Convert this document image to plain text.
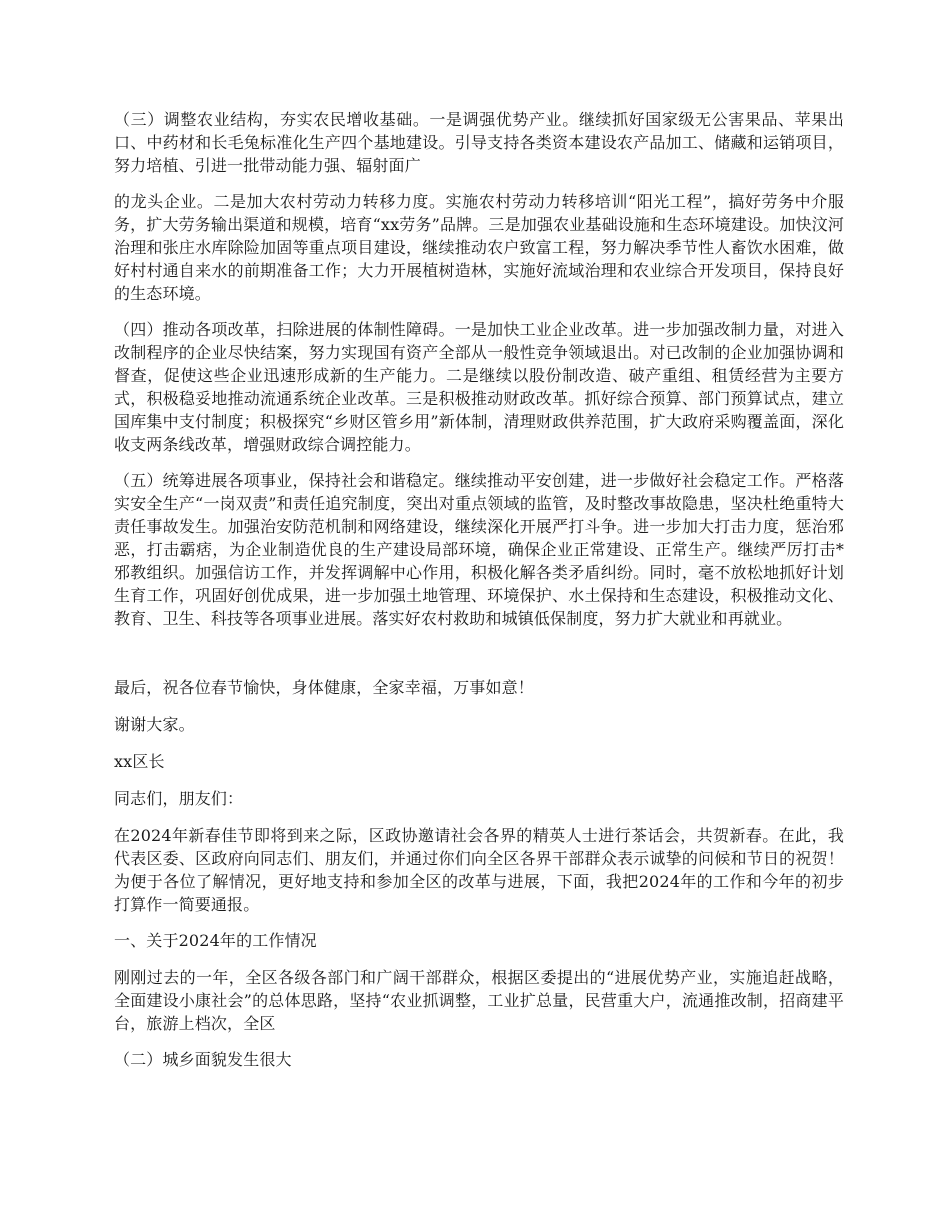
（三）调整农业结构，夯实农民增收基础。一是调强优势产业。继续抓好国家级无公害果品、苹果出口、中药材和长毛兔标准化生产四个基地建设。引导支持各类资本建设农产品加工、储藏和运销项目，努力培植、引进一批带动能力强、辐射面广

的龙头企业。二是加大农村劳动力转移力度。实施农村劳动力转移培训“阳光工程”，搞好劳务中介服务，扩大劳务输出渠道和规模，培育“xx劳务”品牌。三是加强农业基础设施和生态环境建设。加快汶河治理和张庄水库除险加固等重点项目建设，继续推动农户致富工程，努力解决季节性人畜饮水困难，做好村村通自来水的前期准备工作；大力开展植树造林，实施好流域治理和农业综合开发项目，保持良好的生态环境。

（四）推动各项改革，扫除进展的体制性障碍。一是加快工业企业改革。进一步加强改制力量，对进入改制程序的企业尽快结案，努力实现国有资产全部从一般性竞争领域退出。对已改制的企业加强协调和督查，促使这些企业迅速形成新的生产能力。二是继续以股份制改造、破产重组、租赁经营为主要方式，积极稳妥地推动流通系统企业改革。三是积极推动财政改革。抓好综合预算、部门预算试点，建立国库集中支付制度；积极探究“乡财区管乡用”新体制，清理财政供养范围，扩大政府采购覆盖面，深化收支两条线改革，增强财政综合调控能力。

（五）统筹进展各项事业，保持社会和谐稳定。继续推动平安创建，进一步做好社会稳定工作。严格落实安全生产“一岗双责”和责任追究制度，突出对重点领域的监管，及时整改事故隐患，坚决杜绝重特大责任事故发生。加强治安防范机制和网络建设，继续深化开展严打斗争。进一步加大打击力度，惩治邪恶，打击霸痞，为企业制造优良的生产建设局部环境，确保企业正常建设、正常生产。继续严厉打击*邪教组织。加强信访工作，并发挥调解中心作用，积极化解各类矛盾纠纷。同时，毫不放松地抓好计划生育工作，巩固好创优成果，进一步加强土地管理、环境保护、水土保持和生态建设，积极推动文化、教育、卫生、科技等各项事业进展。落实好农村救助和城镇低保制度，努力扩大就业和再就业。

最后，祝各位春节愉快，身体健康，全家幸福，万事如意！

谢谢大家。

xx区长

同志们，朋友们：

在2024年新春佳节即将到来之际，区政协邀请社会各界的精英人士进行茶话会，共贺新春。在此，我代表区委、区政府向同志们、朋友们，并通过你们向全区各界干部群众表示诚挚的问候和节日的祝贺！为便于各位了解情况，更好地支持和参加全区的改革与进展，下面，我把2024年的工作和今年的初步打算作一简要通报。

一、关于2024年的工作情况

刚刚过去的一年，全区各级各部门和广阔干部群众，根据区委提出的“进展优势产业，实施追赶战略，全面建设小康社会”的总体思路，坚持“农业抓调整，工业扩总量，民营重大户，流通推改制，招商建平台，旅游上档次，全区

（二）城乡面貌发生很大
